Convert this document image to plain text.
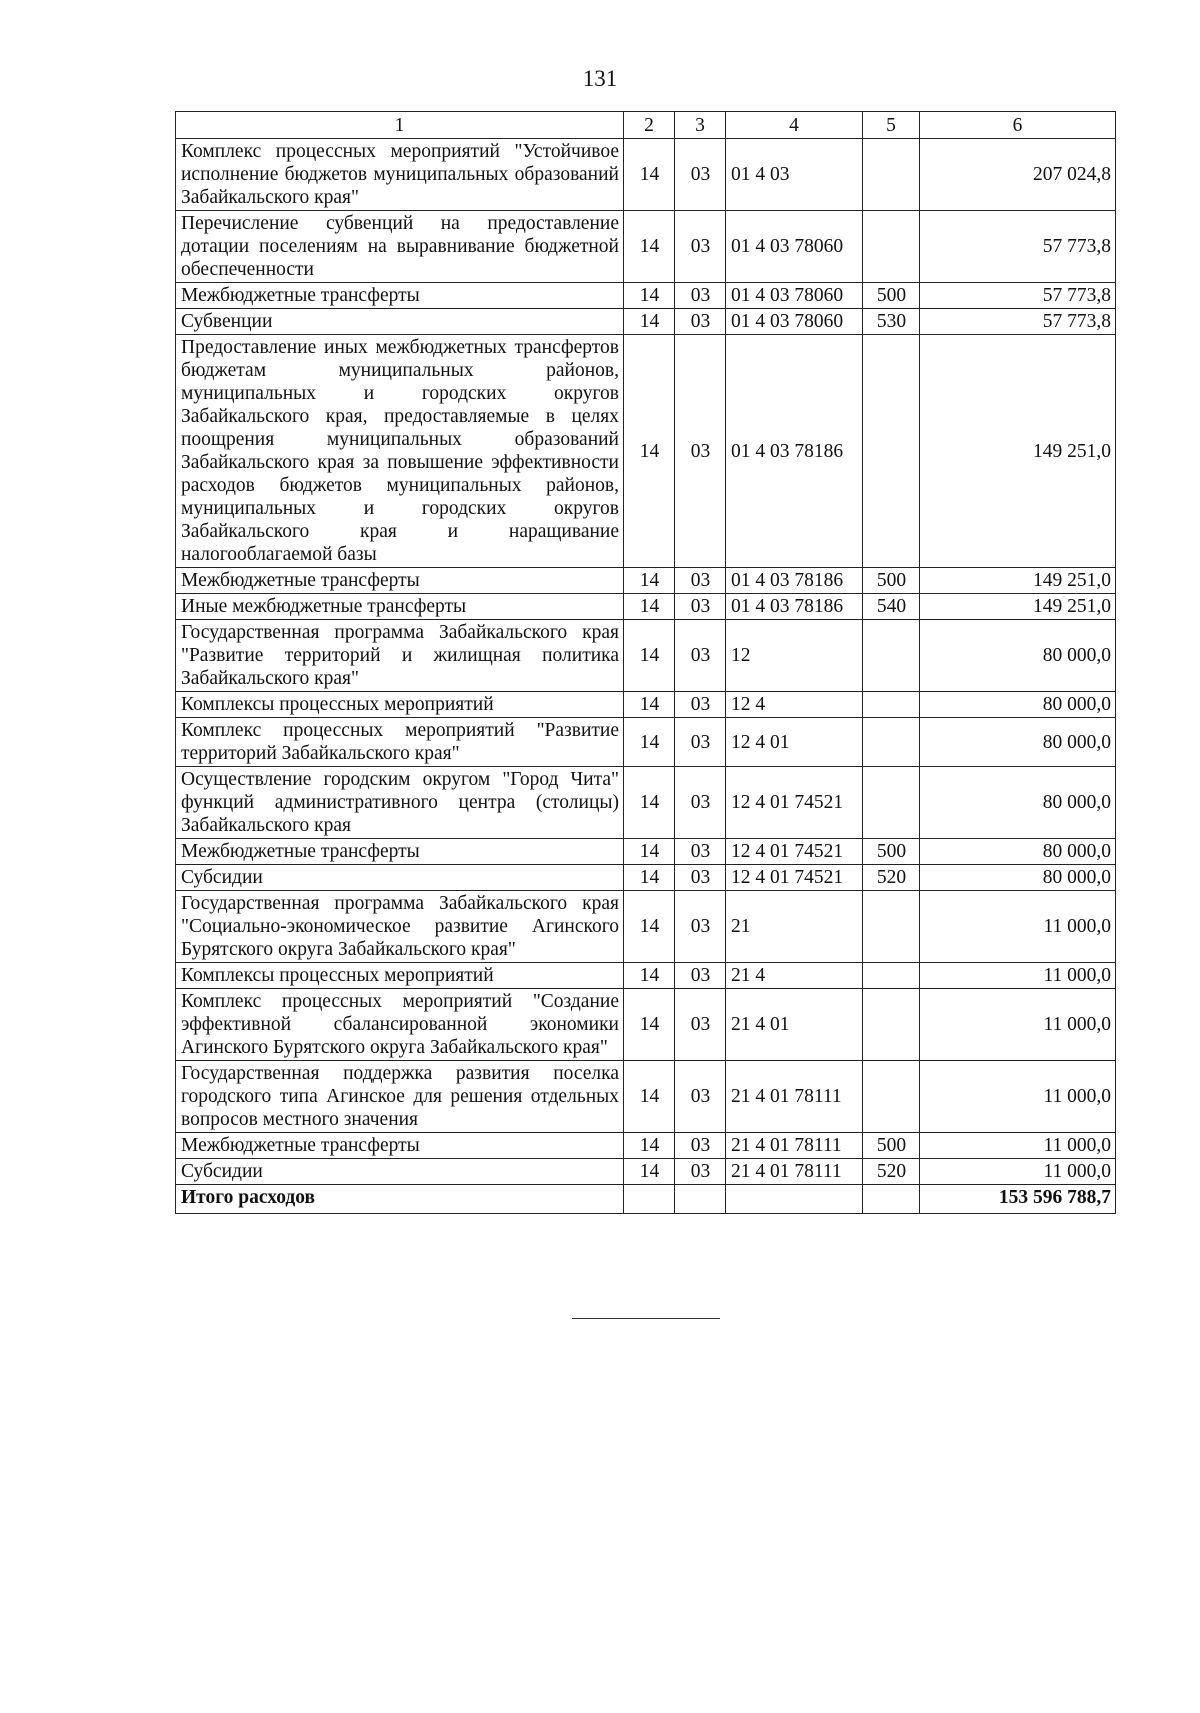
131
1	2	3	4	5	6
Комплекс процессных мероприятий "Устойчивое исполнение бюджетов муниципальных образований Забайкальского края"	14	03	01 4 03		207 024,8
Перечисление субвенций на предоставление дотации поселениям на выравнивание бюджетной обеспеченности	14	03	01 4 03 78060		57 773,8
Межбюджетные трансферты	14	03	01 4 03 78060	500	57 773,8
Субвенции	14	03	01 4 03 78060	530	57 773,8
Предоставление иных межбюджетных трансфертов бюджетам муниципальных районов, муниципальных и городских округов Забайкальского края, предоставляемые в целях поощрения муниципальных образований Забайкальского края за повышение эффективности расходов бюджетов муниципальных районов, муниципальных и городских округов Забайкальского края и наращивание налогооблагаемой базы	14	03	01 4 03 78186		149 251,0
Межбюджетные трансферты	14	03	01 4 03 78186	500	149 251,0
Иные межбюджетные трансферты	14	03	01 4 03 78186	540	149 251,0
Государственная программа Забайкальского края "Развитие территорий и жилищная политика Забайкальского края"	14	03	12		80 000,0
Комплексы процессных мероприятий	14	03	12 4		80 000,0
Комплекс процессных мероприятий "Развитие территорий Забайкальского края"	14	03	12 4 01		80 000,0
Осуществление городским округом "Город Чита" функций административного центра (столицы) Забайкальского края	14	03	12 4 01 74521		80 000,0
Межбюджетные трансферты	14	03	12 4 01 74521	500	80 000,0
Субсидии	14	03	12 4 01 74521	520	80 000,0
Государственная программа Забайкальского края "Социально-экономическое развитие Агинского Бурятского округа Забайкальского края"	14	03	21		11 000,0
Комплексы процессных мероприятий	14	03	21 4		11 000,0
Комплекс процессных мероприятий "Создание эффективной сбалансированной экономики Агинского Бурятского округа Забайкальского края"	14	03	21 4 01		11 000,0
Государственная поддержка развития поселка городского типа Агинское для решения отдельных вопросов местного значения	14	03	21 4 01 78111		11 000,0
Межбюджетные трансферты	14	03	21 4 01 78111	500	11 000,0
Субсидии	14	03	21 4 01 78111	520	11 000,0
Итого расходов					153 596 788,7
